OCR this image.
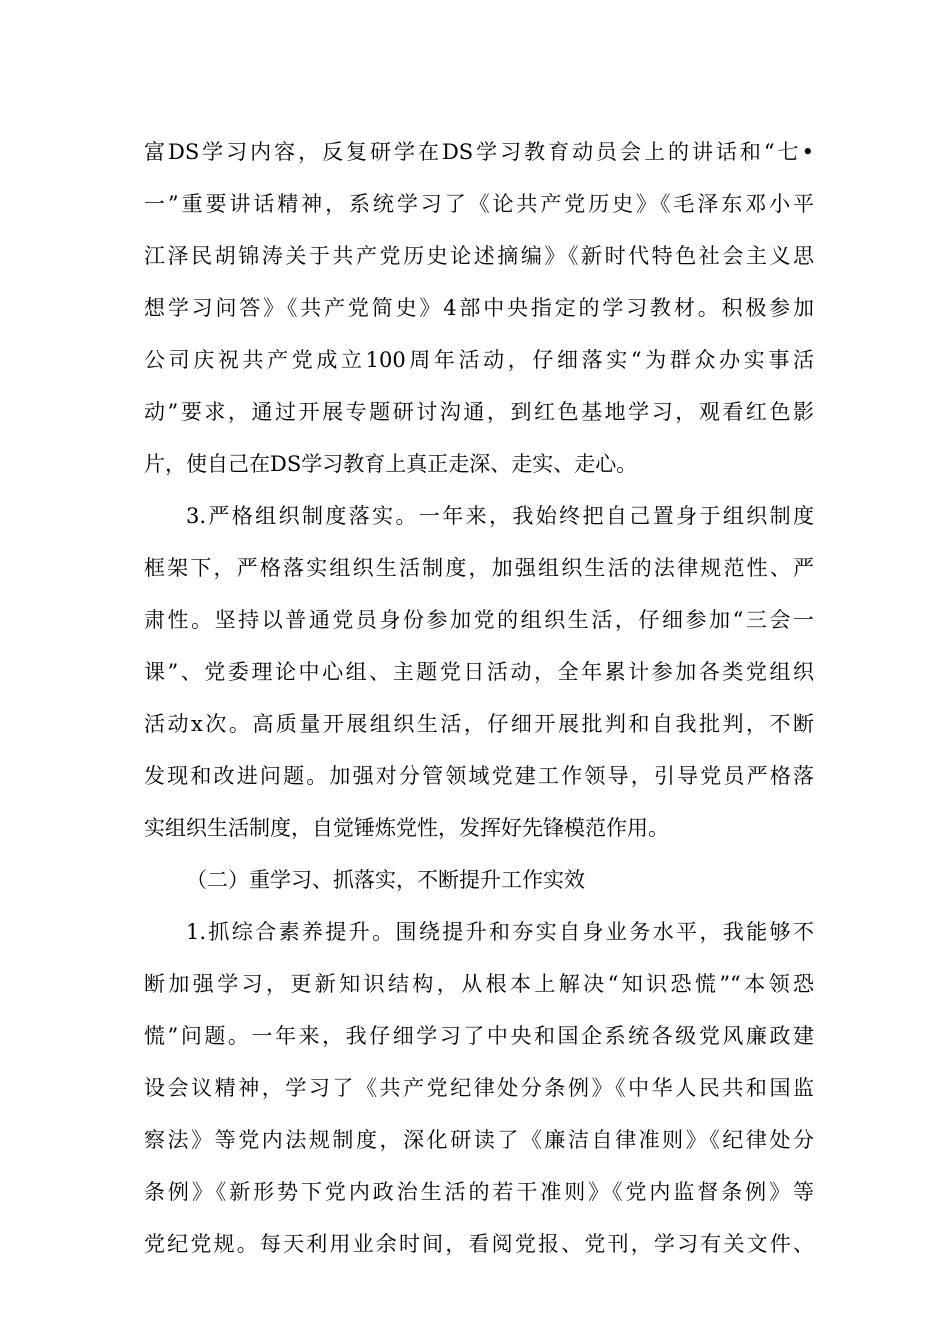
富DS学习内容，反复研学在DS学习教育动员会上的讲话和“七•
一”重要讲话精神，系统学习了《论共产党历史》《毛泽东邓小平
江泽民胡锦涛关于共产党历史论述摘编》《新时代特色社会主义思
想学习问答》《共产党简史》4部中央指定的学习教材。积极参加
公司庆祝共产党成立100周年活动，仔细落实“为群众办实事活
动”要求，通过开展专题研讨沟通，到红色基地学习，观看红色影
片，使自己在DS学习教育上真正走深、走实、走心。
3.严格组织制度落实。一年来，我始终把自己置身于组织制度
框架下，严格落实组织生活制度，加强组织生活的法律规范性、严
肃性。坚持以普通党员身份参加党的组织生活，仔细参加“三会一
课”、党委理论中心组、主题党日活动，全年累计参加各类党组织
活动x次。高质量开展组织生活，仔细开展批判和自我批判，不断
发现和改进问题。加强对分管领域党建工作领导，引导党员严格落
实组织生活制度，自觉锤炼党性，发挥好先锋模范作用。
（二）重学习、抓落实，不断提升工作实效
1.抓综合素养提升。围绕提升和夯实自身业务水平，我能够不
断加强学习，更新知识结构，从根本上解决“知识恐慌”“本领恐
慌”问题。一年来，我仔细学习了中央和国企系统各级党风廉政建
设会议精神，学习了《共产党纪律处分条例》《中华人民共和国监
察法》等党内法规制度，深化研读了《廉洁自律准则》《纪律处分
条例》《新形势下党内政治生活的若干准则》《党内监督条例》等
党纪党规。每天利用业余时间，看阅党报、党刊，学习有关文件、
